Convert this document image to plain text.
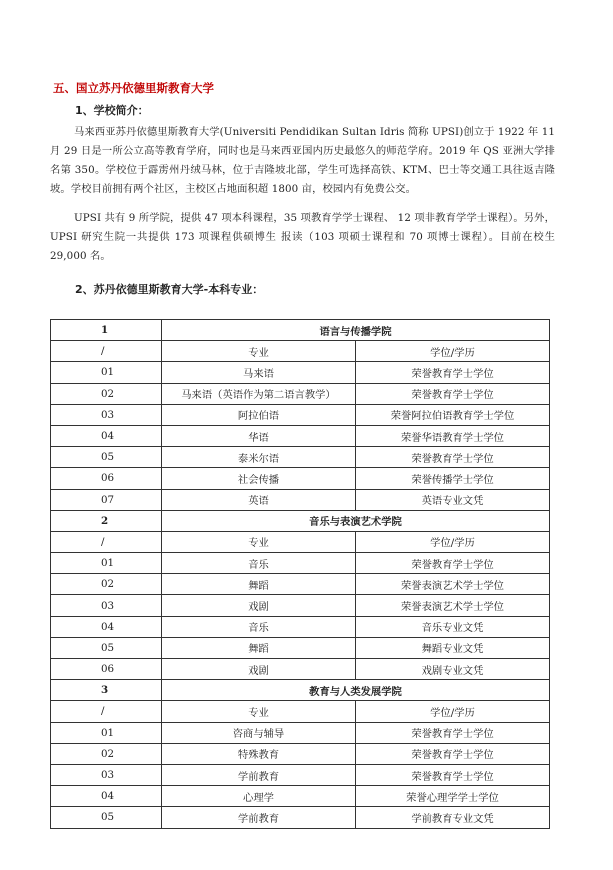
五、国立苏丹依德里斯教育大学
1、学校简介：
马来西亚苏丹依德里斯教育大学(Universiti Pendidikan Sultan Idris 简称 UPSI)创立于 1922 年 11 月 29 日是一所公立高等教育学府，同时也是马来西亚国内历史最悠久的师范学府。2019 年 QS 亚洲大学排名第 350。学校位于霹雳州丹绒马林，位于吉隆坡北部，学生可选择高铁、KTM、巴士等交通工具往返吉隆坡。学校目前拥有两个社区，主校区占地面积超 1800 亩，校园内有免费公交。
UPSI 共有 9 所学院，提供 47 项本科课程，35 项教育学学士课程、 12 项非教育学学士课程）。另外，UPSI 研究生院一共提供 173 项课程供硕博生 报读（103 项硕士课程和 70 项博士课程）。目前在校生 29,000 名。
2、苏丹依德里斯教育大学-本科专业：
1	语言与传播学院	
/	专业	学位/学历
01	马来语	荣誉教育学士学位
02	马来语（英语作为第二语言教学）	荣誉教育学士学位
03	阿拉伯语	荣誉阿拉伯语教育学士学位
04	华语	荣誉华语教育学士学位
05	泰米尔语	荣誉教育学士学位
06	社会传播	荣誉传播学士学位
07	英语	英语专业文凭
2	音乐与表演艺术学院	
/	专业	学位/学历
01	音乐	荣誉教育学士学位
02	舞蹈	荣誉表演艺术学士学位
03	戏剧	荣誉表演艺术学士学位
04	音乐	音乐专业文凭
05	舞蹈	舞蹈专业文凭
06	戏剧	戏剧专业文凭
3	教育与人类发展学院	
/	专业	学位/学历
01	咨商与辅导	荣誉教育学士学位
02	特殊教育	荣誉教育学士学位
03	学前教育	荣誉教育学士学位
04	心理学	荣誉心理学学士学位
05	学前教育	学前教育专业文凭
